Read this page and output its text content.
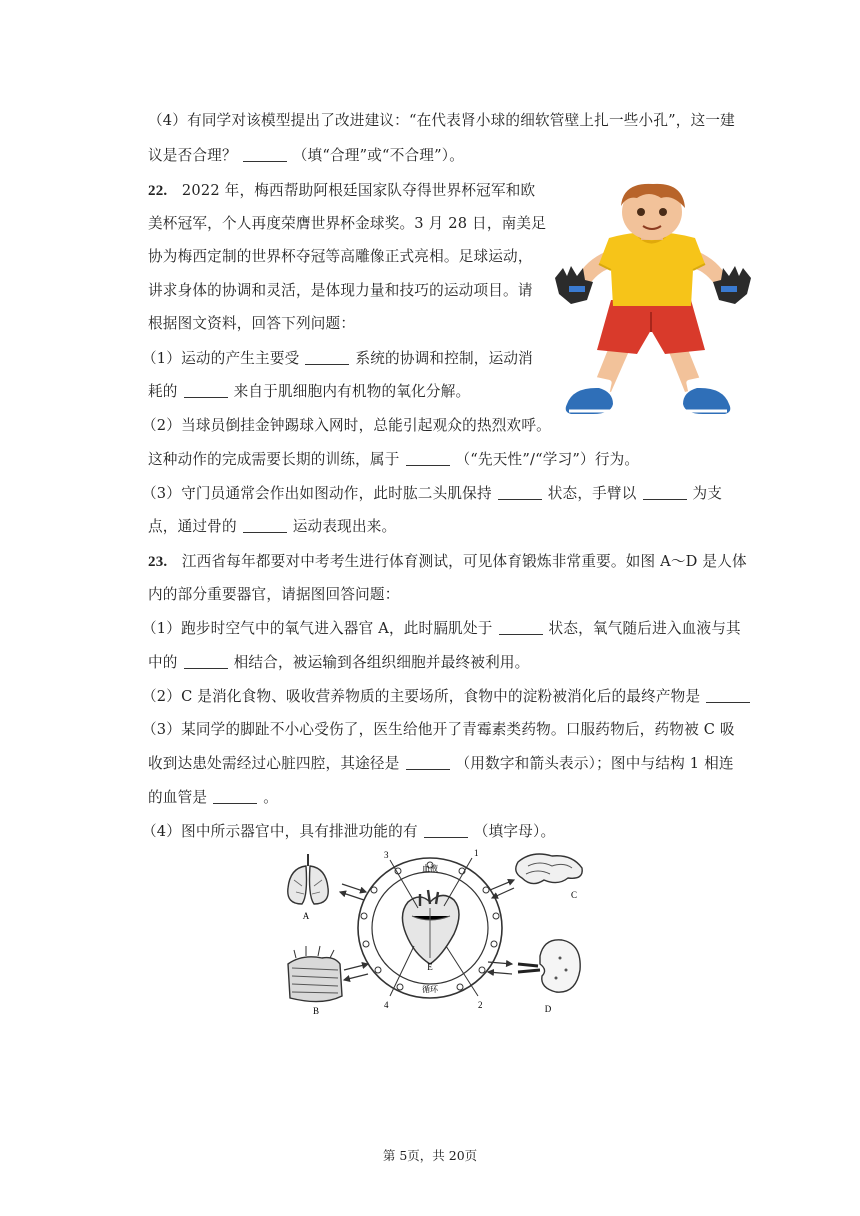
（4）有同学对该模型提出了改进建议：“在代表肾小球的细软管壁上扎一些小孔”，这一建
议是否合理？	（填“合理”或“不合理”）。
22. 2022 年，梅西帮助阿根廷国家队夺得世界杯冠军和欧
美杯冠军，个人再度荣膺世界杯金球奖。3 月 28 日，南美足
协为梅西定制的世界杯夺冠等高雕像正式亮相。足球运动，
讲求身体的协调和灵活，是体现力量和技巧的运动项目。请
根据图文资料，回答下列问题：
（1）运动的产生主要受	系统的协调和控制，运动消
耗的	来自于肌细胞内有机物的氧化分解。
（2）当球员倒挂金钟踢球入网时，总能引起观众的热烈欢呼。
这种动作的完成需要长期的训练，属于	（“先天性”/“学习”）行为。
（3）守门员通常会作出如图动作，此时肱二头肌保持	状态，手臂以	为支
点，通过骨的	运动表现出来。
23. 江西省每年都要对中考考生进行体育测试，可见体育锻炼非常重要。如图 A～D 是人体
内的部分重要器官，请据图回答问题：
（1）跑步时空气中的氧气进入器官 A，此时膈肌处于	状态，氧气随后进入血液与其
中的	相结合，被运输到各组织细胞并最终被利用。
（2）C 是消化食物、吸收营养物质的主要场所，食物中的淀粉被消化后的最终产物是
（3）某同学的脚趾不小心受伤了，医生给他开了青霉素类药物。口服药物后，药物被 C 吸
收到达患处需经过心脏四腔，其途径是	（用数字和箭头表示）；图中与结构 1 相连
的血管是	。
（4）图中所示器官中，具有排泄功能的有	（填字母）。
A
C
B	D
血液
循环
E
3	1
4	2
第 5页，共 20页
